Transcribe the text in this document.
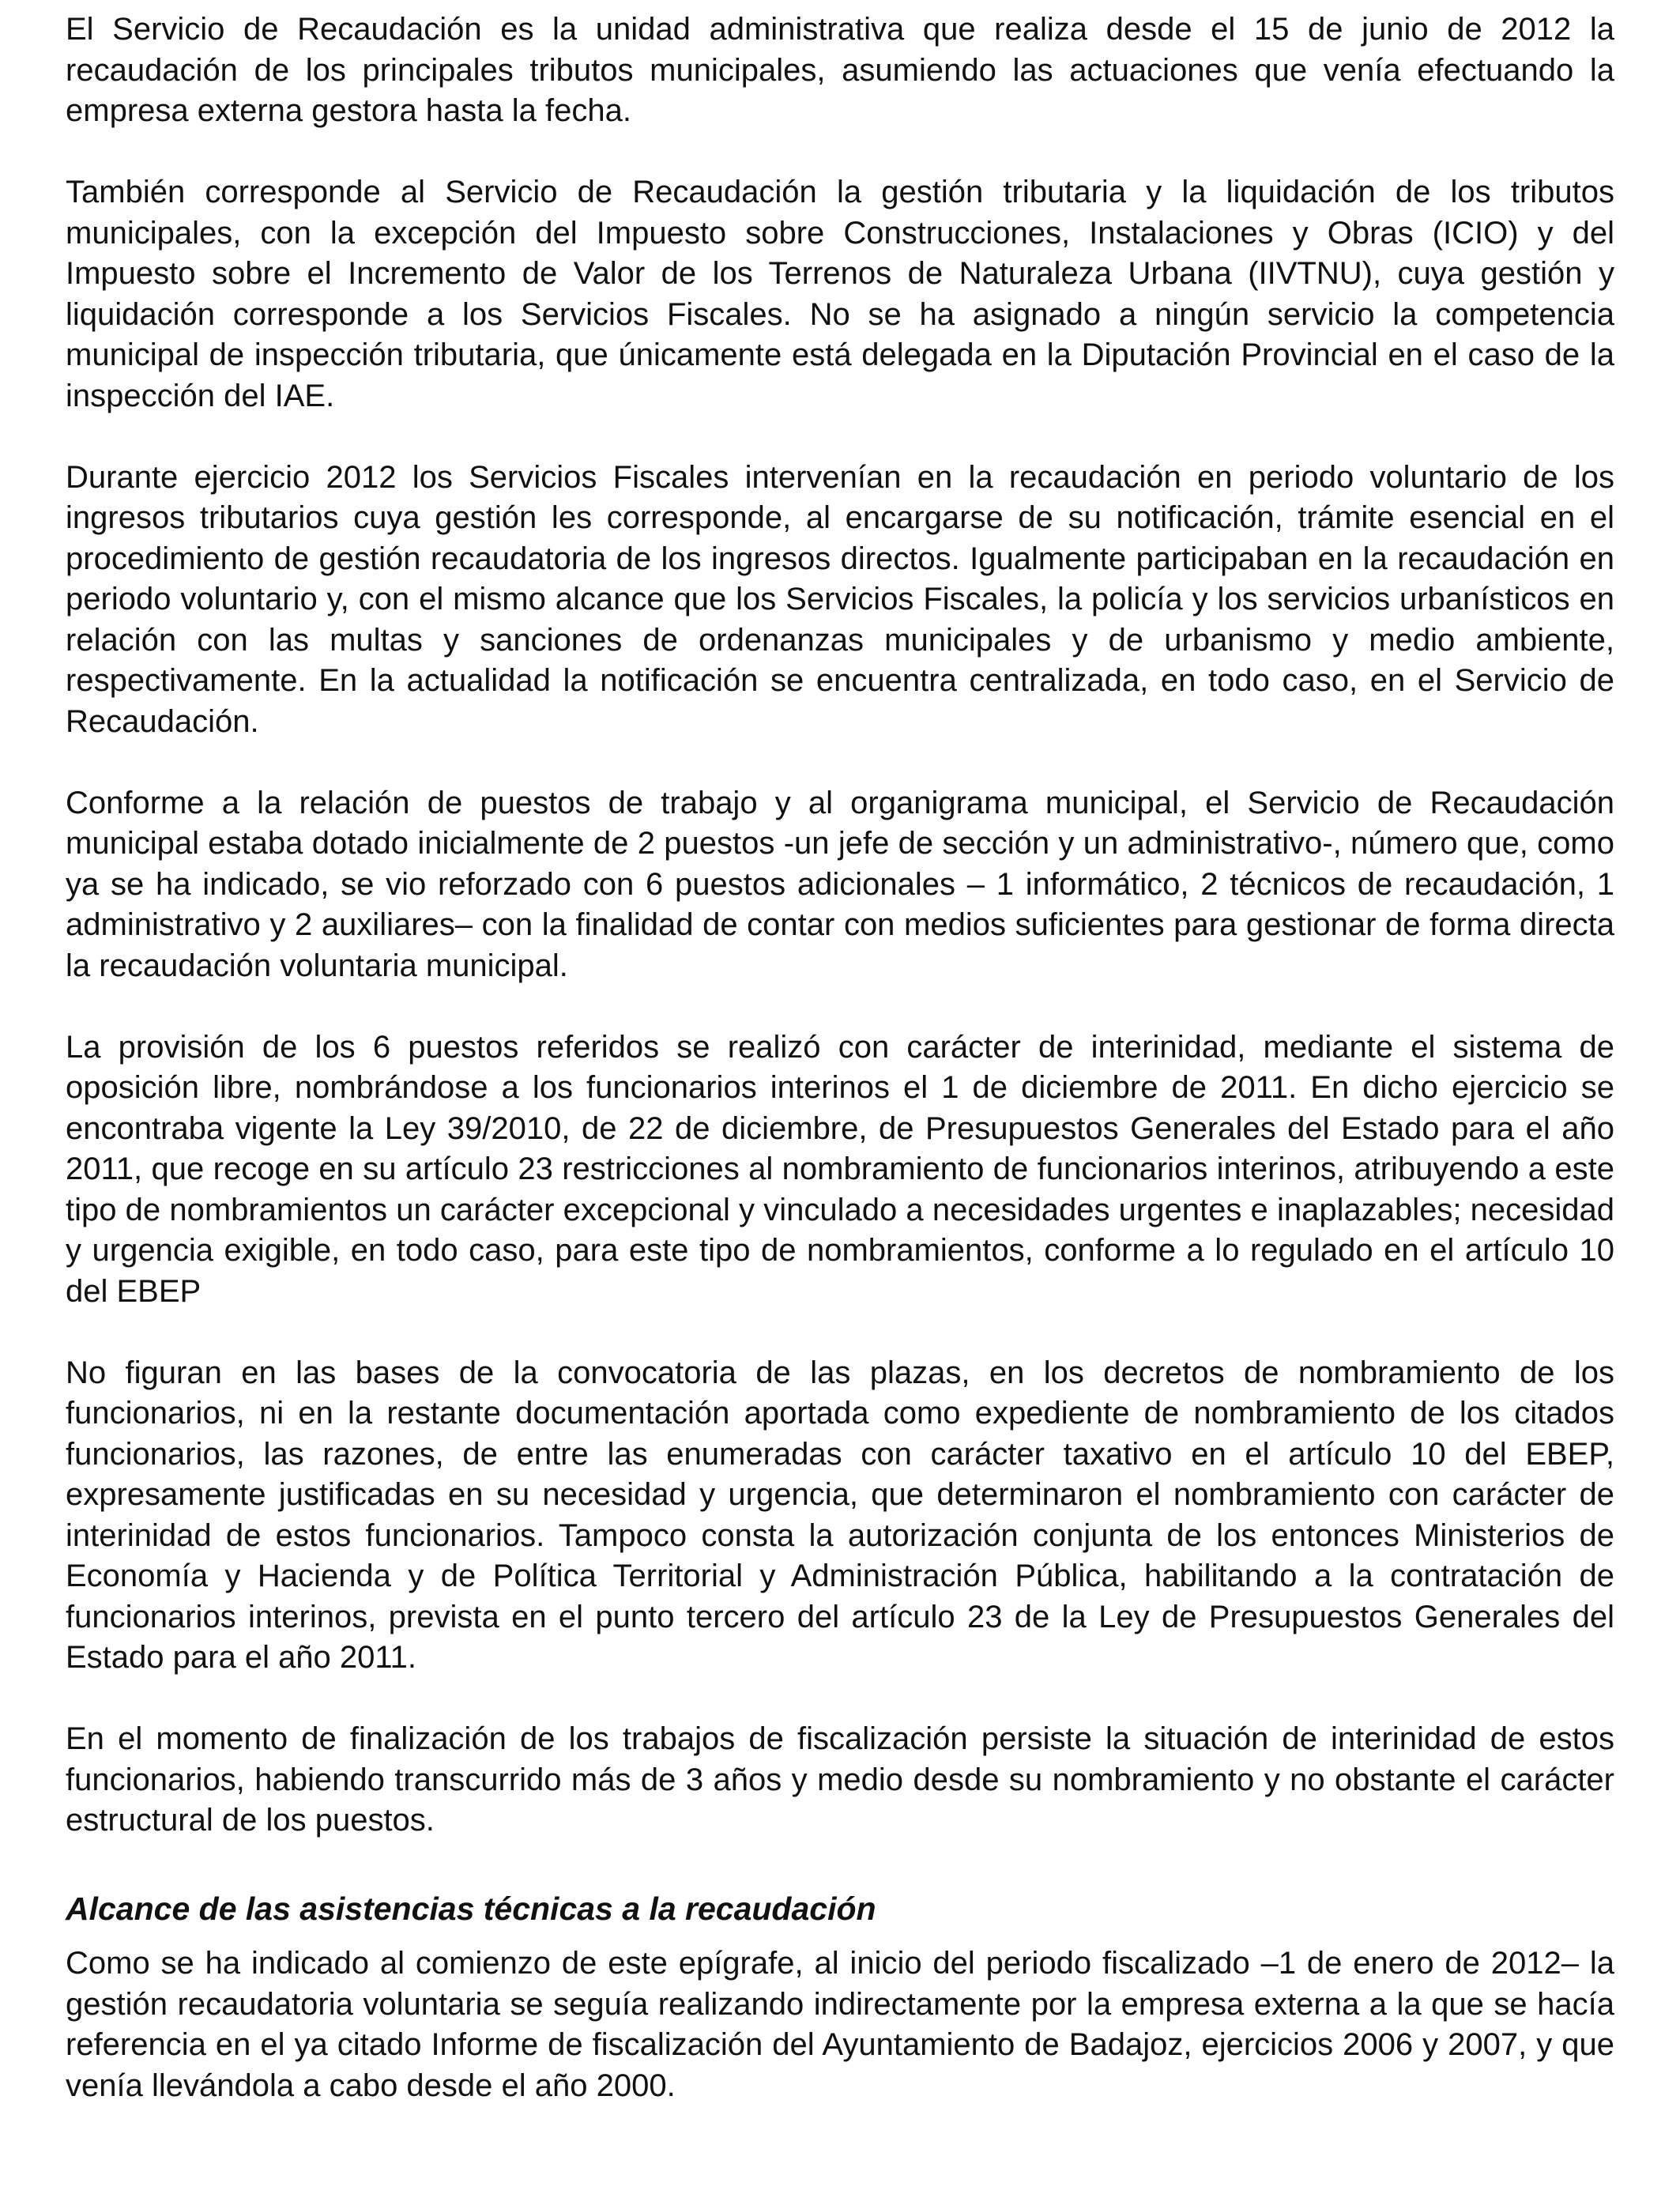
El Servicio de Recaudación es la unidad administrativa que realiza desde el 15 de junio de 2012 la recaudación de los principales tributos municipales, asumiendo las actuaciones que venía efectuando la empresa externa gestora hasta la fecha.

También corresponde al Servicio de Recaudación la gestión tributaria y la liquidación de los tributos municipales, con la excepción del Impuesto sobre Construcciones, Instalaciones y Obras (ICIO) y del Impuesto sobre el Incremento de Valor de los Terrenos de Naturaleza Urbana (IIVTNU), cuya gestión y liquidación corresponde a los Servicios Fiscales. No se ha asignado a ningún servicio la competencia municipal de inspección tributaria, que únicamente está delegada en la Diputación Provincial en el caso de la inspección del IAE.

Durante ejercicio 2012 los Servicios Fiscales intervenían en la recaudación en periodo voluntario de los ingresos tributarios cuya gestión les corresponde, al encargarse de su notificación, trámite esencial en el procedimiento de gestión recaudatoria de los ingresos directos. Igualmente participaban en la recaudación en periodo voluntario y, con el mismo alcance que los Servicios Fiscales, la policía y los servicios urbanísticos en relación con las multas y sanciones de ordenanzas municipales y de urbanismo y medio ambiente, respectivamente. En la actualidad la notificación se encuentra centralizada, en todo caso, en el Servicio de Recaudación.

Conforme a la relación de puestos de trabajo y al organigrama municipal, el Servicio de Recaudación municipal estaba dotado inicialmente de 2 puestos -un jefe de sección y un administrativo-, número que, como ya se ha indicado, se vio reforzado con 6 puestos adicionales – 1 informático, 2 técnicos de recaudación, 1 administrativo y 2 auxiliares– con la finalidad de contar con medios suficientes para gestionar de forma directa la recaudación voluntaria municipal.

La provisión de los 6 puestos referidos se realizó con carácter de interinidad, mediante el sistema de oposición libre, nombrándose a los funcionarios interinos el 1 de diciembre de 2011. En dicho ejercicio se encontraba vigente la Ley 39/2010, de 22 de diciembre, de Presupuestos Generales del Estado para el año 2011, que recoge en su artículo 23 restricciones al nombramiento de funcionarios interinos, atribuyendo a este tipo de nombramientos un carácter excepcional y vinculado a necesidades urgentes e inaplazables; necesidad y urgencia exigible, en todo caso, para este tipo de nombramientos, conforme a lo regulado en el artículo 10 del EBEP

No figuran en las bases de la convocatoria de las plazas, en los decretos de nombramiento de los funcionarios, ni en la restante documentación aportada como expediente de nombramiento de los citados funcionarios, las razones, de entre las enumeradas con carácter taxativo en el artículo 10 del EBEP, expresamente justificadas en su necesidad y urgencia, que determinaron el nombramiento con carácter de interinidad de estos funcionarios. Tampoco consta la autorización conjunta de los entonces Ministerios de Economía y Hacienda y de Política Territorial y Administración Pública, habilitando a la contratación de funcionarios interinos, prevista en el punto tercero del artículo 23 de la Ley de Presupuestos Generales del Estado para el año 2011.

En el momento de finalización de los trabajos de fiscalización persiste la situación de interinidad de estos funcionarios, habiendo transcurrido más de 3 años y medio desde su nombramiento y no obstante el carácter estructural de los puestos.

Alcance de las asistencias técnicas a la recaudación

Como se ha indicado al comienzo de este epígrafe, al inicio del periodo fiscalizado –1 de enero de 2012– la gestión recaudatoria voluntaria se seguía realizando indirectamente por la empresa externa a la que se hacía referencia en el ya citado Informe de fiscalización del Ayuntamiento de Badajoz, ejercicios 2006 y 2007, y que venía llevándola a cabo desde el año 2000.
